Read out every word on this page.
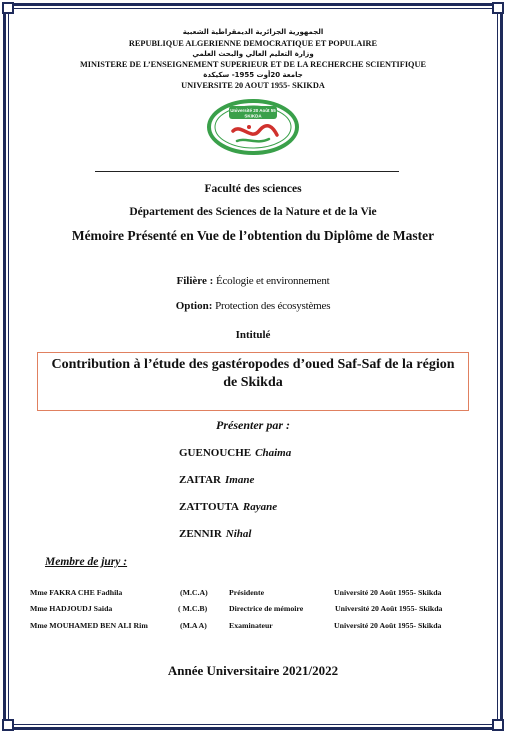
الجمهورية الجزائرية الديمقراطية الشعبية
REPUBLIQUE ALGERIENNE DEMOCRATIQUE ET POPULAIRE
وزارة التعليم العالي والبحث العلمي
MINISTERE DE L’ENSEIGNEMENT SUPERIEUR ET DE LA RECHERCHE SCIENTIFIQUE
جامعة 20أوت 1955- سكيكدة
UNIVERSITE 20 AOUT 1955- SKIKDA
Université 20 Août 55
SKIKDA
Faculté des sciences
Département des Sciences de la Nature et de la Vie
Mémoire Présenté en Vue de l’obtention du Diplôme de Master
Filière : Écologie et environnement
Option: Protection des écosystèmes
Intitulé
Contribution à l’étude des gastéropodes d’oued Saf-Saf de la région
de Skikda
Présenter par :
GUENOUCHE Chaima
ZAITAR Imane
ZATTOUTA Rayane
ZENNIR Nihal
Membre de jury :
Mme FAKRA CHE Fadhila	(M.C.A)	Présidente	Université 20 Août 1955- Skikda
Mme HADJOUDJ Saida	( M.C.B)	Directrice de mémoire	Université 20 Août 1955- Skikda
Mme MOUHAMED BEN ALI Rim	(M.A A)	Examinateur	Université 20 Août 1955- Skikda
Année Universitaire 2021/2022
